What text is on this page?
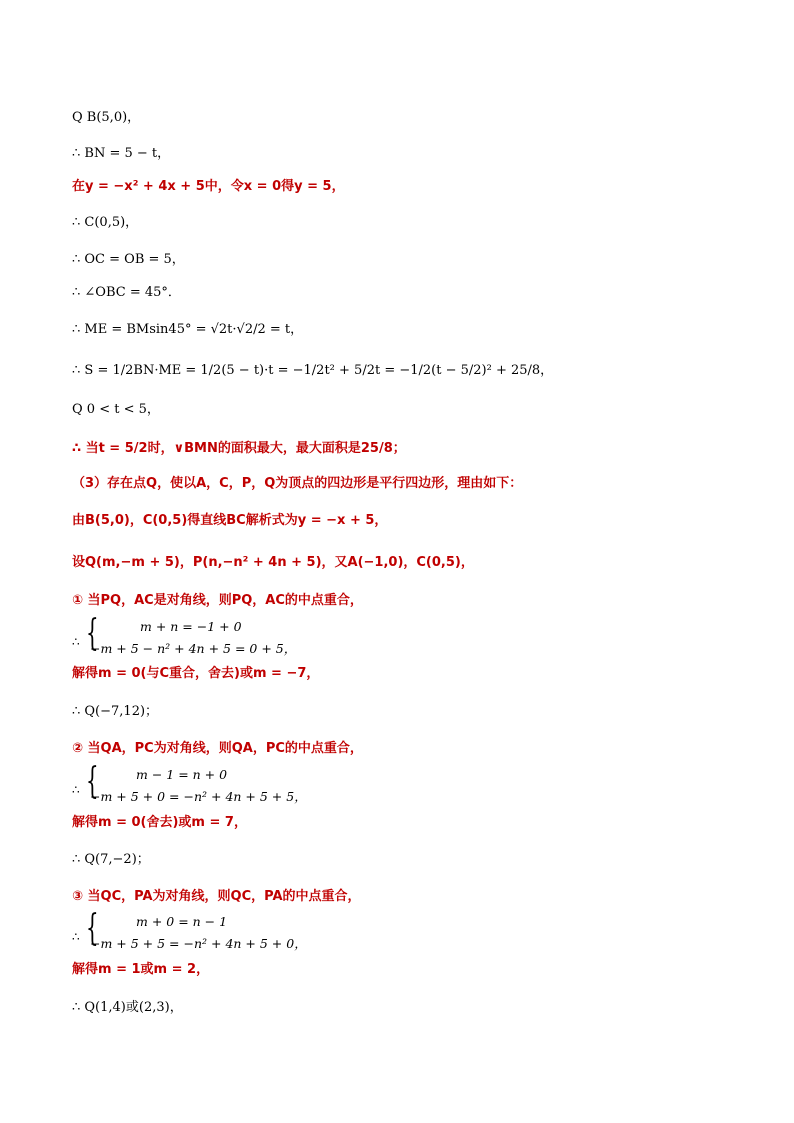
Q B(5,0)，
∴ BN = 5 − t，
在y = −x² + 4x + 5中，令x = 0得y = 5，
∴ C(0,5)，
∴ OC = OB = 5，
∴ ∠OBC = 45°．
∴ ME = BMsin45° = √2t·√2/2 = t，
∴ S = 1/2BN·ME = 1/2(5 − t)·t = −1/2t² + 5/2t = −1/2(t − 5/2)² + 25/8，
Q 0 < t < 5，
∴ 当t = 5/2时，∨BMN的面积最大，最大面积是25/8；
（3）存在点Q，使以A，C，P，Q为顶点的四边形是平行四边形，理由如下：
由B(5,0)，C(0,5)得直线BC解析式为y = −x + 5，
设Q(m,−m + 5)，P(n,−n² + 4n + 5)，又A(−1,0)，C(0,5)，
① 当PQ，AC是对角线，则PQ，AC的中点重合，
∴ {	m + n = −1 + 0
−m + 5 − n² + 4n + 5 = 0 + 5，
解得m = 0(与C重合，舍去)或m = −7，
∴ Q(−7,12)；
② 当QA，PC为对角线，则QA，PC的中点重合，
∴ {	m − 1 = n + 0
−m + 5 + 0 = −n² + 4n + 5 + 5，
解得m = 0(舍去)或m = 7，
∴ Q(7,−2)；
③ 当QC，PA为对角线，则QC，PA的中点重合，
∴ {	m + 0 = n − 1
−m + 5 + 5 = −n² + 4n + 5 + 0，
解得m = 1或m = 2，
∴ Q(1,4)或(2,3)，
